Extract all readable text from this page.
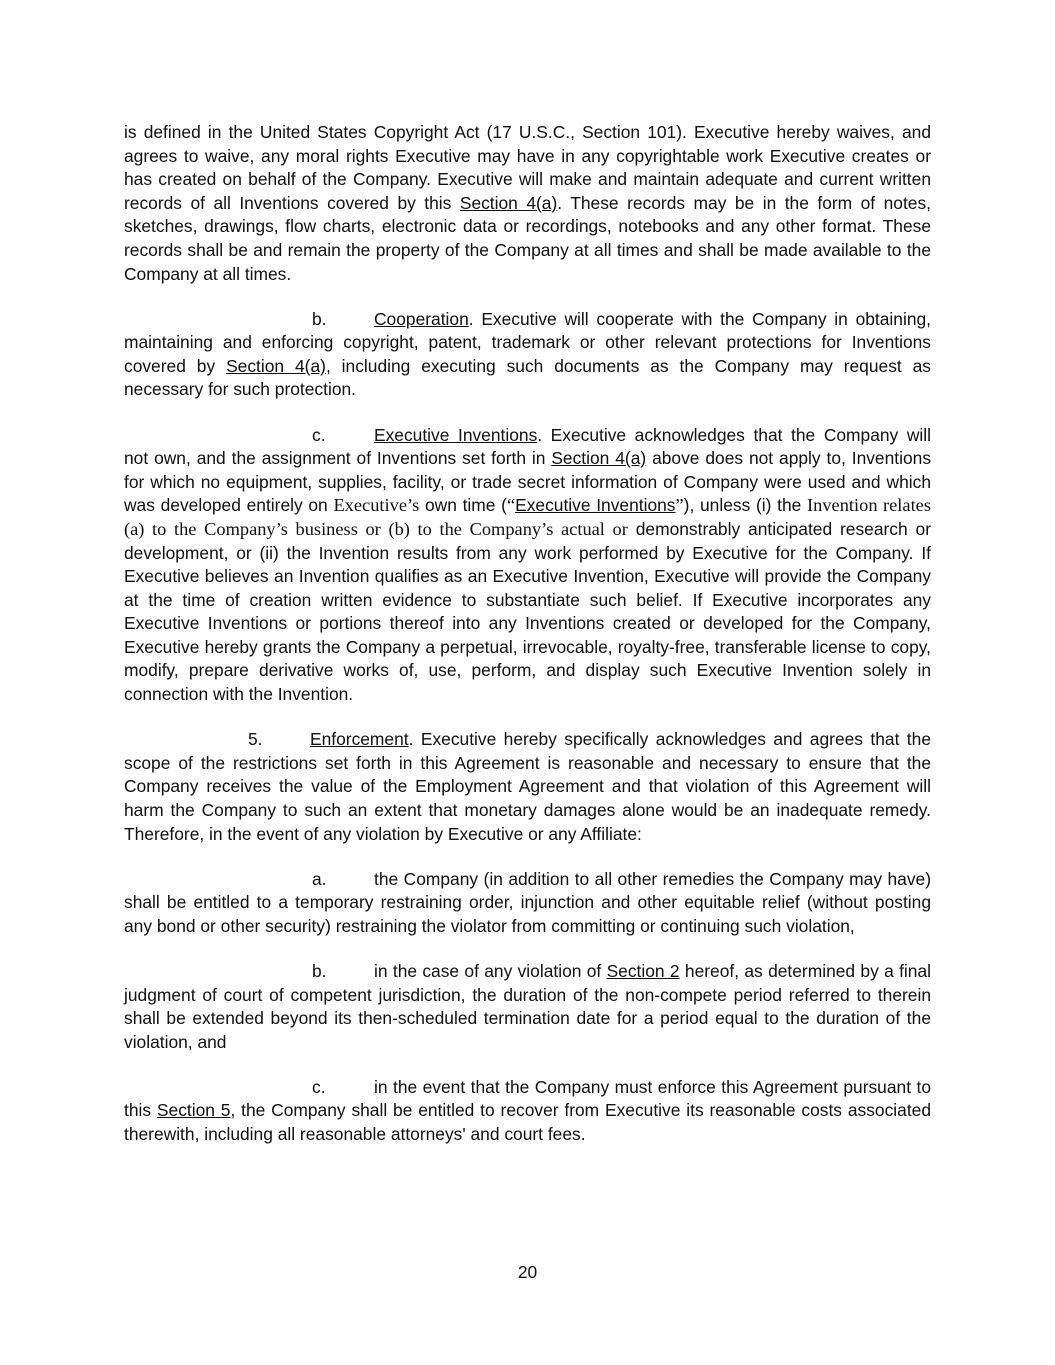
is defined in the United States Copyright Act (17 U.S.C., Section 101). Executive hereby waives, and agrees to waive, any moral rights Executive may have in any copyrightable work Executive creates or has created on behalf of the Company. Executive will make and maintain adequate and current written records of all Inventions covered by this Section 4(a). These records may be in the form of notes, sketches, drawings, flow charts, electronic data or recordings, notebooks and any other format. These records shall be and remain the property of the Company at all times and shall be made available to the Company at all times.

b.	Cooperation. Executive will cooperate with the Company in obtaining, maintaining and enforcing copyright, patent, trademark or other relevant protections for Inventions covered by Section 4(a), including executing such documents as the Company may request as necessary for such protection.

c.	Executive Inventions. Executive acknowledges that the Company will not own, and the assignment of Inventions set forth in Section 4(a) above does not apply to, Inventions for which no equipment, supplies, facility, or trade secret information of Company were used and which was developed entirely on Executive’s own time (“Executive Inventions”), unless (i) the Invention relates (a) to the Company’s business or (b) to the Company’s actual or demonstrably anticipated research or development, or (ii) the Invention results from any work performed by Executive for the Company. If Executive believes an Invention qualifies as an Executive Invention, Executive will provide the Company at the time of creation written evidence to substantiate such belief. If Executive incorporates any Executive Inventions or portions thereof into any Inventions created or developed for the Company, Executive hereby grants the Company a perpetual, irrevocable, royalty-free, transferable license to copy, modify, prepare derivative works of, use, perform, and display such Executive Invention solely in connection with the Invention.

5.	Enforcement. Executive hereby specifically acknowledges and agrees that the scope of the restrictions set forth in this Agreement is reasonable and necessary to ensure that the Company receives the value of the Employment Agreement and that violation of this Agreement will harm the Company to such an extent that monetary damages alone would be an inadequate remedy. Therefore, in the event of any violation by Executive or any Affiliate:

a.	the Company (in addition to all other remedies the Company may have) shall be entitled to a temporary restraining order, injunction and other equitable relief (without posting any bond or other security) restraining the violator from committing or continuing such violation,

b.	in the case of any violation of Section 2 hereof, as determined by a final judgment of court of competent jurisdiction, the duration of the non-compete period referred to therein shall be extended beyond its then-scheduled termination date for a period equal to the duration of the violation, and

c.	in the event that the Company must enforce this Agreement pursuant to this Section 5, the Company shall be entitled to recover from Executive its reasonable costs associated therewith, including all reasonable attorneys' and court fees.

20
